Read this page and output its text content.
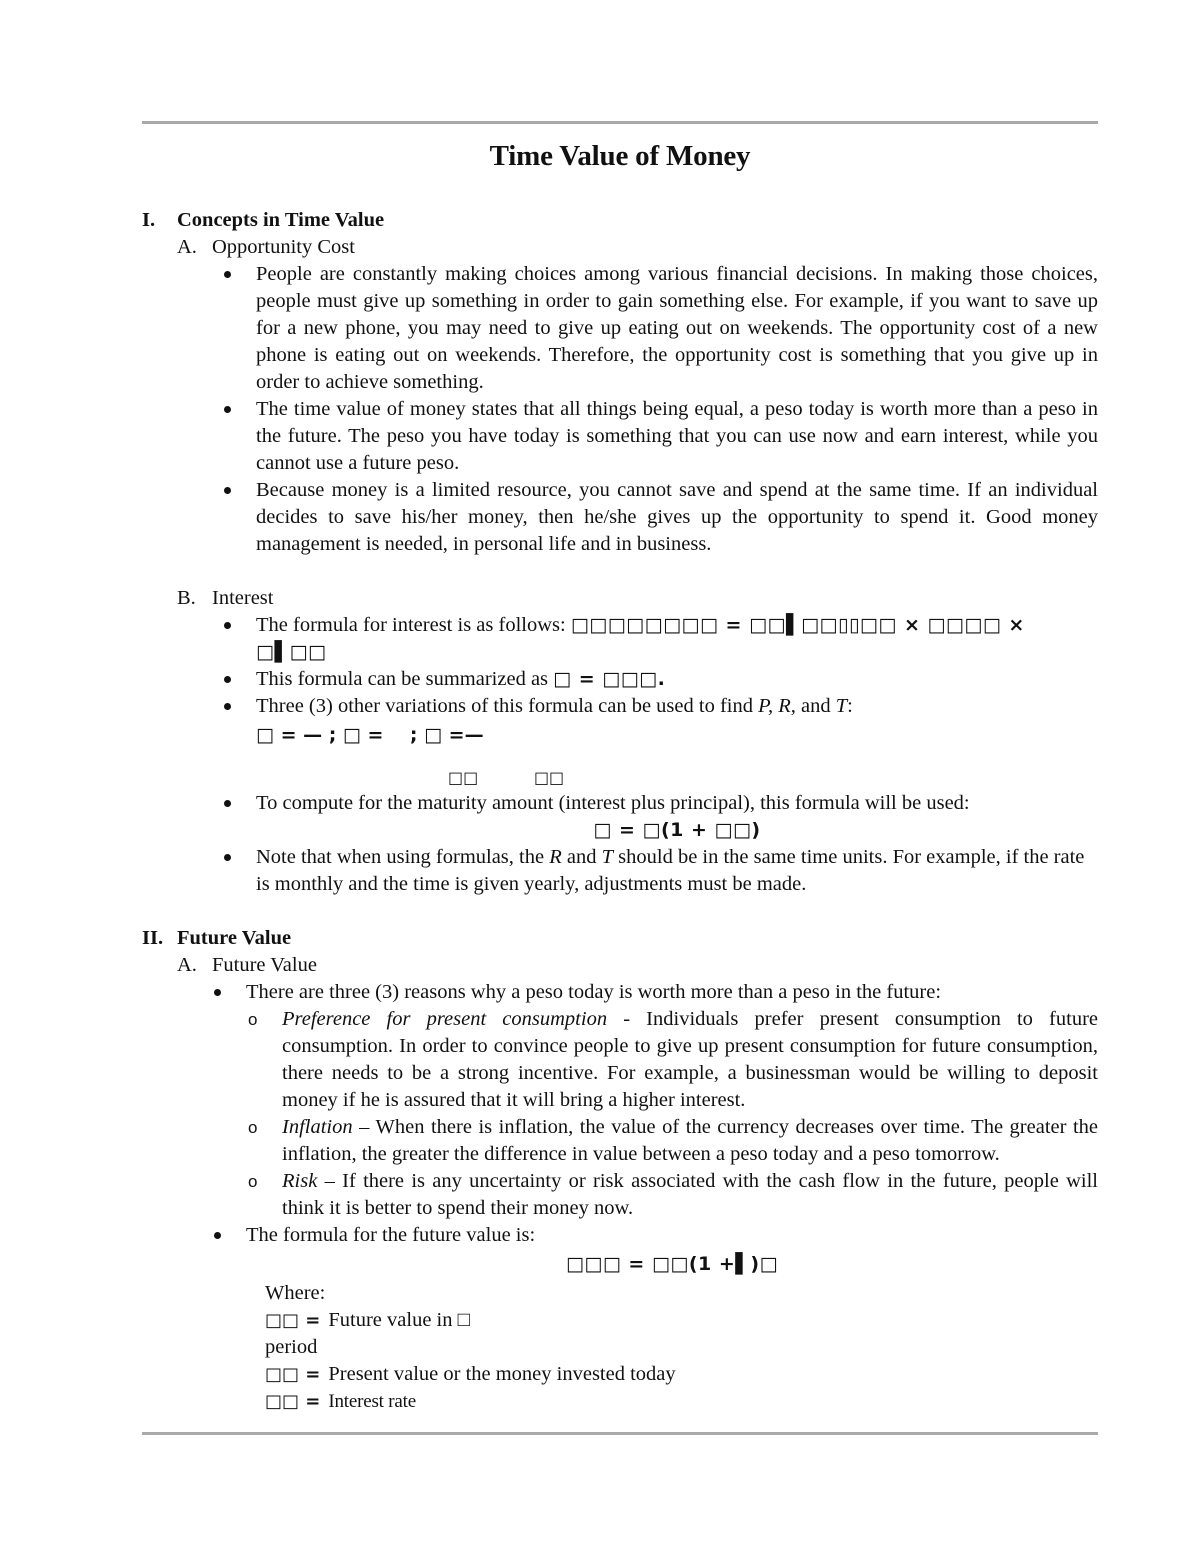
Time Value of Money
I.	Concepts in Time Value
A. Opportunity Cost
People are constantly making choices among various financial decisions. In making those choices, people must give up something in order to gain something else. For example, if you want to save up for a new phone, you may need to give up eating out on weekends. The opportunity cost of a new phone is eating out on weekends. Therefore, the opportunity cost is something that you give up in order to achieve something.
The time value of money states that all things being equal, a peso today is worth more than a peso in the future. The peso you have today is something that you can use now and earn interest, while you cannot use a future peso.
Because money is a limited resource, you cannot save and spend at the same time. If an individual decides to save his/her money, then he/she gives up the opportunity to spend it. Good money management is needed, in personal life and in business.
B. Interest
The formula for interest is as follows: □□□□□□□□ = □□▌□□▯▯□□ × □□□□ × □▌□□
This formula can be summarized as □ = □□□.
Three (3) other variations of this formula can be used to find P, R, and T:
□ = — ; □ =    ; □ =—
□□          □□
To compute for the maturity amount (interest plus principal), this formula will be used:
□ = □(1 + □□)
Note that when using formulas, the R and T should be in the same time units. For example, if the rate is monthly and the time is given yearly, adjustments must be made.
II. Future Value
A. Future Value
There are three (3) reasons why a peso today is worth more than a peso in the future:
o Preference for present consumption - Individuals prefer present consumption to future consumption. In order to convince people to give up present consumption for future consumption, there needs to be a strong incentive. For example, a businessman would be willing to deposit money if he is assured that it will bring a higher interest.
o Inflation – When there is inflation, the value of the currency decreases over time. The greater the inflation, the greater the difference in value between a peso today and a peso tomorrow.
o Risk – If there is any uncertainty or risk associated with the cash flow in the future, people will think it is better to spend their money now.
The formula for the future value is:
□□□ = □□(1 +▌)□
Where:
□□ = Future value in □
period
□□ = Present value or the money invested today
□□ = Interest rate
